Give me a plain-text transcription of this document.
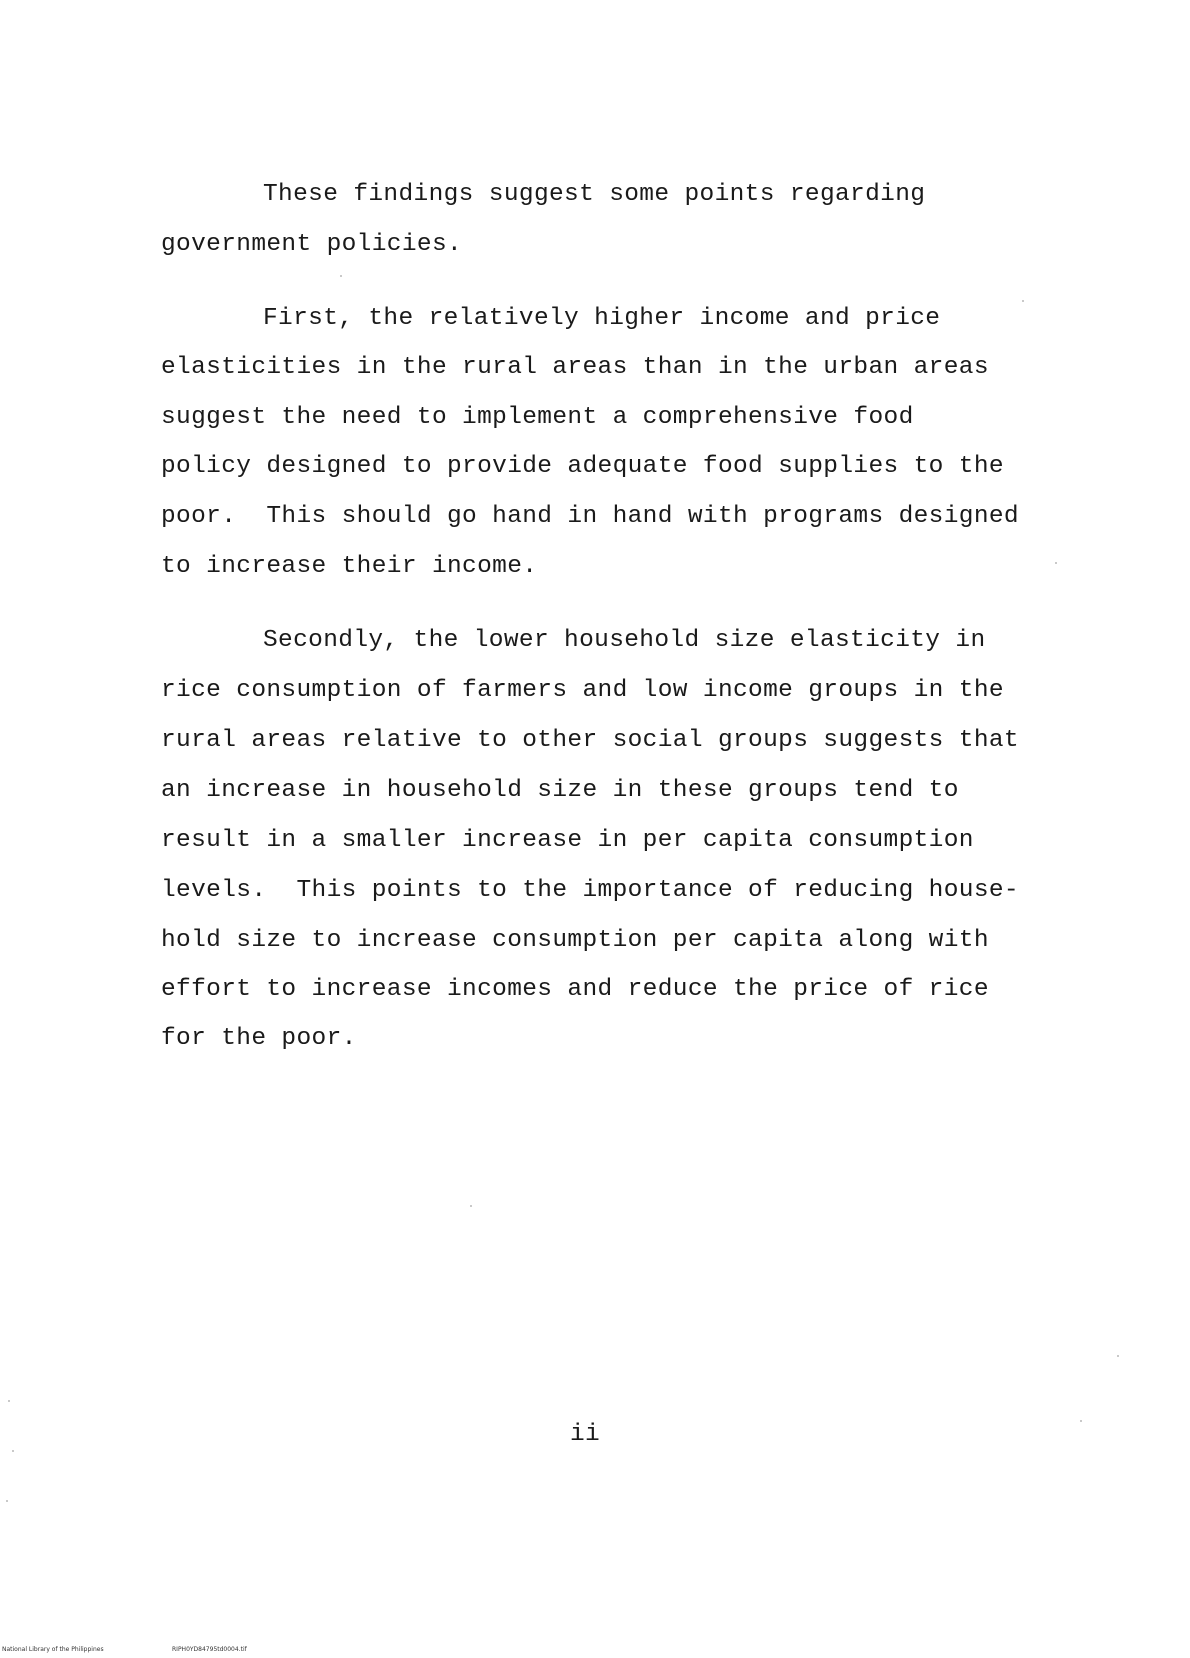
These findings suggest some points regarding
government policies.
First, the relatively higher income and price
elasticities in the rural areas than in the urban areas
suggest the need to implement a comprehensive food
policy designed to provide adequate food supplies to the
poor.  This should go hand in hand with programs designed
to increase their income.
Secondly, the lower household size elasticity in
rice consumption of farmers and low income groups in the
rural areas relative to other social groups suggests that
an increase in household size in these groups tend to
result in a smaller increase in per capita consumption
levels.  This points to the importance of reducing house-
hold size to increase consumption per capita along with
effort to increase incomes and reduce the price of rice
for the poor.
ii
National Library of the Philippines	RIPH0YD84795td0004.tif
